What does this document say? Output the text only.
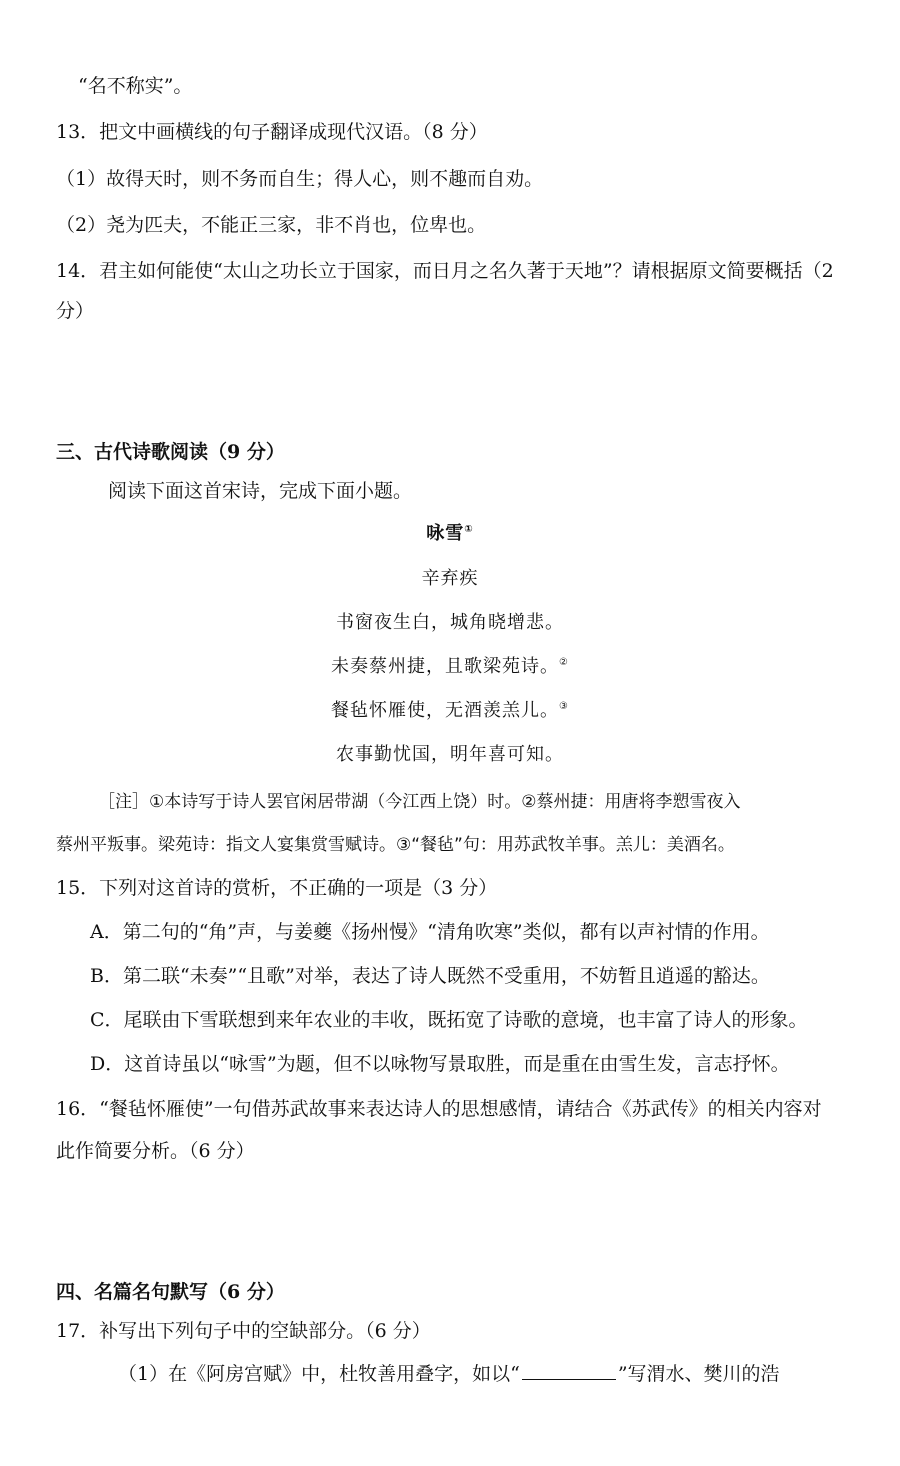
“名不称实”。
13．把文中画横线的句子翻译成现代汉语。（8 分）
（1）故得天时，则不务而自生；得人心，则不趣而自劝。
（2）尧为匹夫，不能正三家，非不肖也，位卑也。
14．君主如何能使“太山之功长立于国家，而日月之名久著于天地”？请根据原文简要概括（2
分）
三、古代诗歌阅读（9 分）
阅读下面这首宋诗，完成下面小题。
咏雪①
辛弃疾
书窗夜生白，城角晓增悲。
未奏蔡州捷，且歌梁苑诗。②
餐毡怀雁使，无酒羡羔儿。③
农事勤忧国，明年喜可知。
［注］①本诗写于诗人罢官闲居带湖（今江西上饶）时。②蔡州捷：用唐将李愬雪夜入
蔡州平叛事。梁苑诗：指文人宴集赏雪赋诗。③“餐毡”句：用苏武牧羊事。羔儿：美酒名。
15．下列对这首诗的赏析，不正确的一项是（3 分）
A．第二句的“角”声，与姜夔《扬州慢》“清角吹寒”类似，都有以声衬情的作用。
B．第二联“未奏”“且歌”对举，表达了诗人既然不受重用，不妨暂且逍遥的豁达。
C．尾联由下雪联想到来年农业的丰收，既拓宽了诗歌的意境，也丰富了诗人的形象。
D．这首诗虽以“咏雪”为题，但不以咏物写景取胜，而是重在由雪生发，言志抒怀。
16．“餐毡怀雁使”一句借苏武故事来表达诗人的思想感情，请结合《苏武传》的相关内容对
此作简要分析。（6 分）
四、名篇名句默写（6 分）
17．补写出下列句子中的空缺部分。（6 分）
（1）在《阿房宫赋》中，杜牧善用叠字，如以“	”写渭水、樊川的浩
